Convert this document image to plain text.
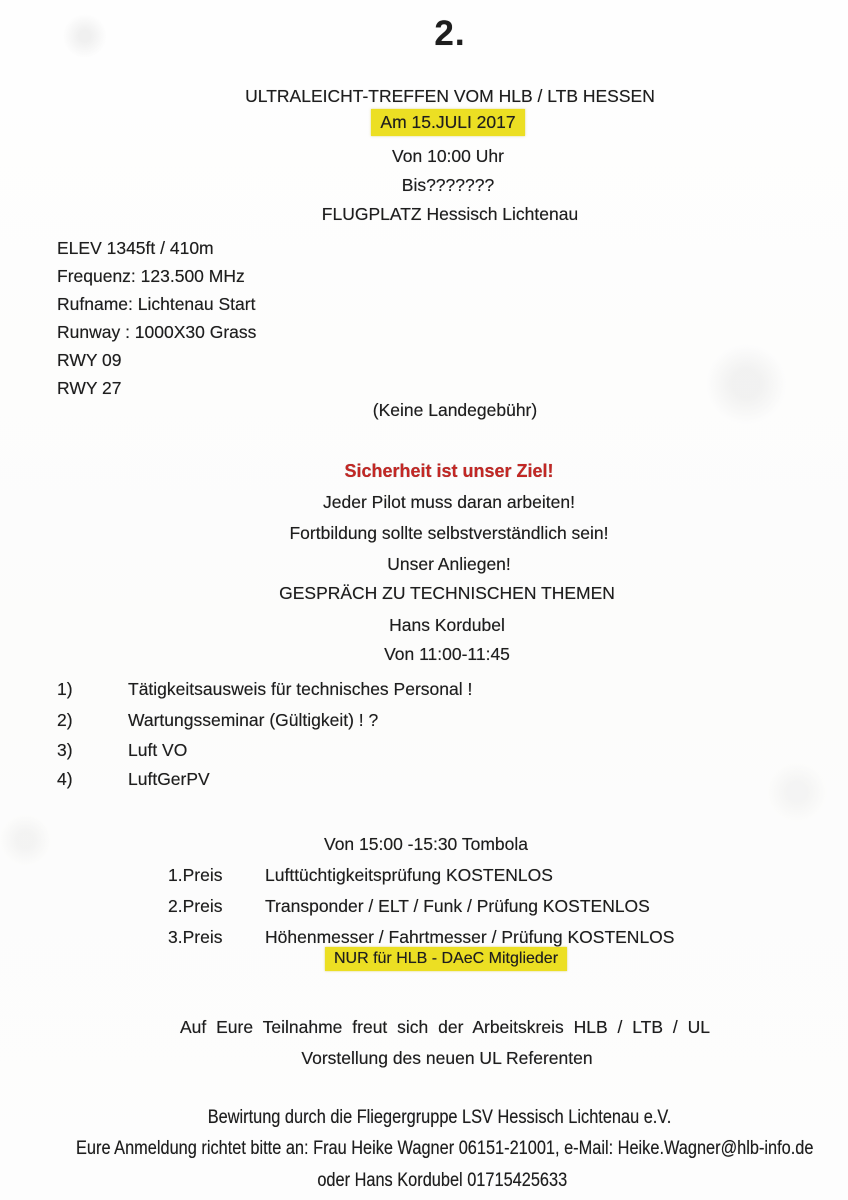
2.
ULTRALEICHT-TREFFEN VOM HLB / LTB HESSEN
Am 15.JULI 2017
Von 10:00 Uhr
Bis???????
FLUGPLATZ Hessisch Lichtenau
ELEV 1345ft / 410m
Frequenz: 123.500 MHz
Rufname: Lichtenau Start
Runway : 1000X30 Grass
RWY 09
RWY 27
(Keine Landegebühr)
Sicherheit ist unser Ziel!
Jeder Pilot muss daran arbeiten!
Fortbildung sollte selbstverständlich sein!
Unser Anliegen!
GESPRÄCH ZU TECHNISCHEN THEMEN
Hans Kordubel
Von 11:00-11:45
1)	Tätigkeitsausweis für technisches Personal !
2)	Wartungsseminar (Gültigkeit) ! ?
3)	Luft VO
4)	LuftGerPV
Von 15:00 -15:30 Tombola
1.Preis Lufttüchtigkeitsprüfung KOSTENLOS
2.Preis Transponder / ELT / Funk / Prüfung KOSTENLOS
3.Preis Höhenmesser / Fahrtmesser / Prüfung KOSTENLOS
NUR für HLB - DAeC Mitglieder
Auf Eure Teilnahme freut sich der Arbeitskreis HLB / LTB / UL
Vorstellung des neuen UL Referenten
Bewirtung durch die Fliegergruppe LSV Hessisch Lichtenau e.V.
Eure Anmeldung richtet bitte an: Frau Heike Wagner 06151-21001, e-Mail: Heike.Wagner@hlb-info.de
oder Hans Kordubel 01715425633
